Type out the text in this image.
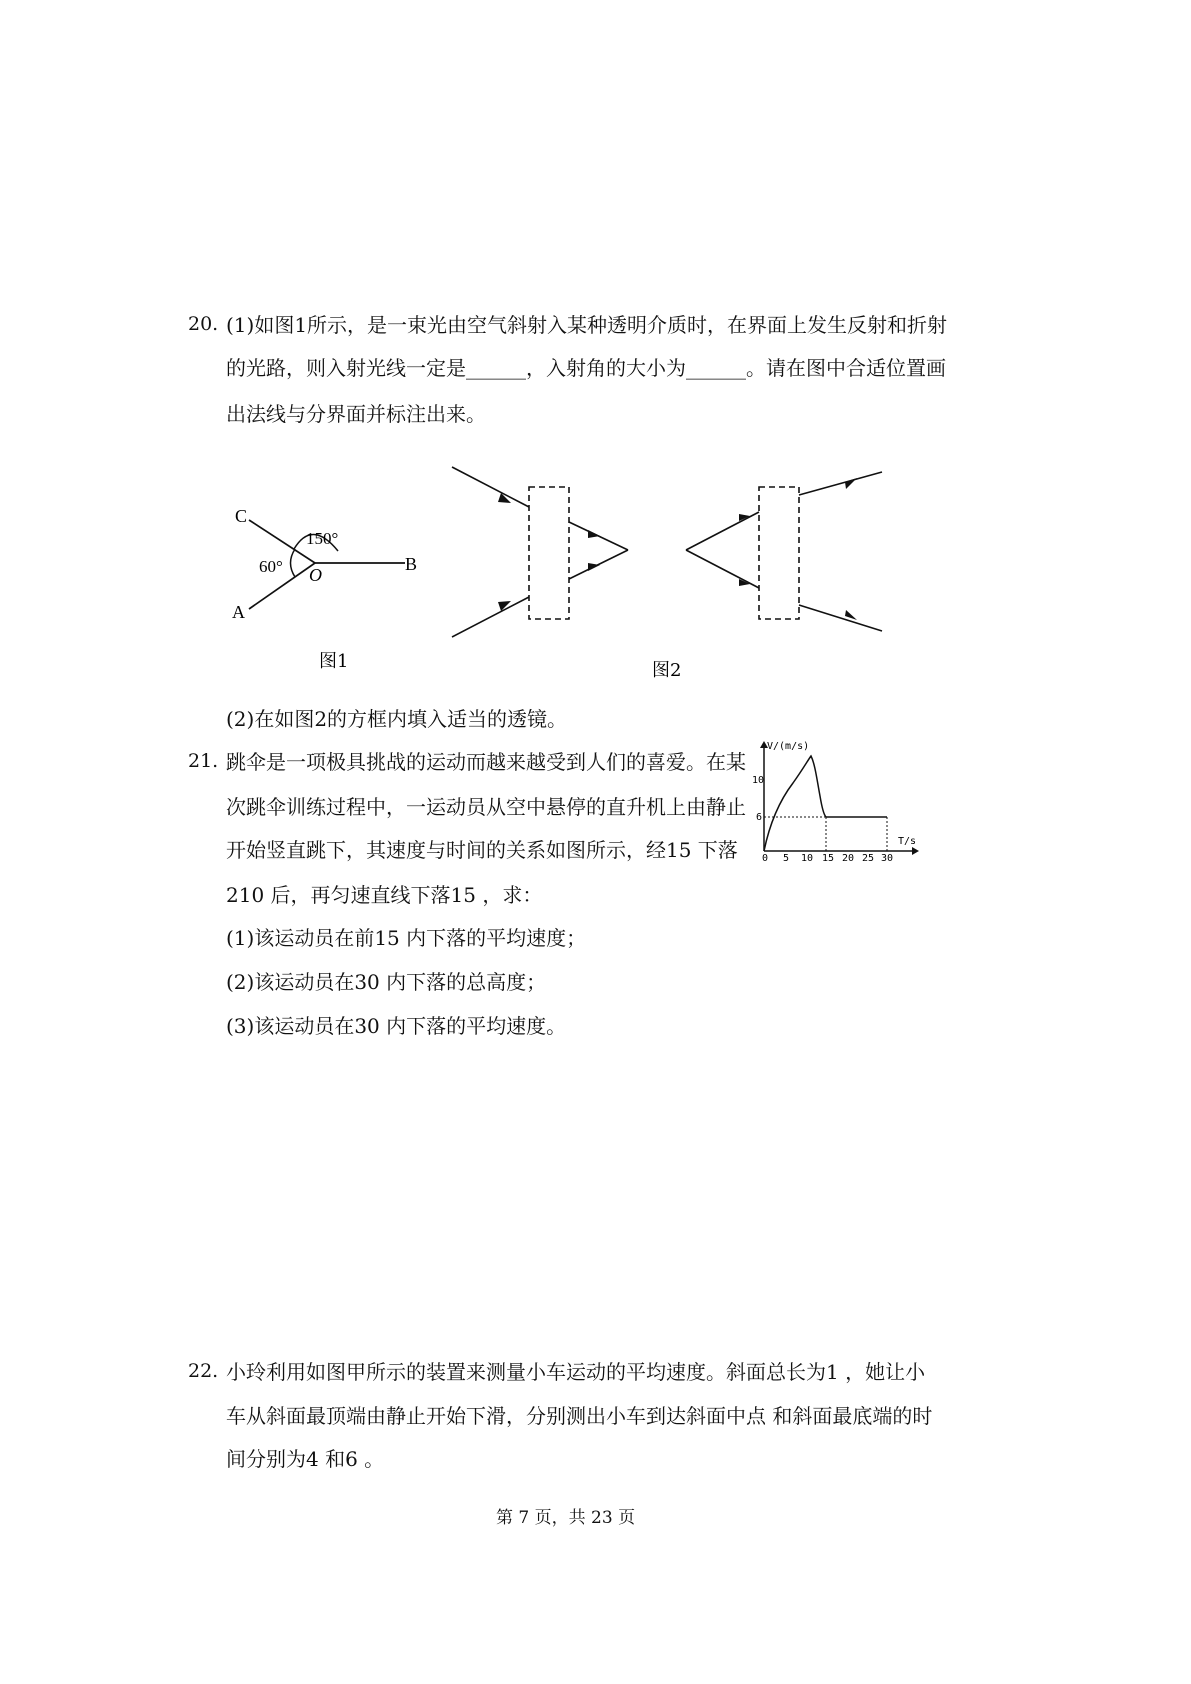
20. (1)如图1所示，是一束光由空气斜射入某种透明介质时，在界面上发生反射和折射
的光路，则入射光线一定是______，入射角的大小为______。请在图中合适位置画
出法线与分界面并标注出来。
C
A
B
O
150°
60°
图1	图2
(2)在如图2的方框内填入适当的透镜。
21. 跳伞是一项极具挑战的运动而越来越受到人们的喜爱。在某
次跳伞训练过程中，一运动员从空中悬停的直升机上由静止
开始竖直跳下，其速度与时间的关系如图所示，经15 下落
210 后，再匀速直线下落15 ，求：
(1)该运动员在前15 内下落的平均速度；
(2)该运动员在30 内下落的总高度；
(3)该运动员在30 内下落的平均速度。
V/(m/s)
T/s
10
6
0 5 10 15 20 25 30
22. 小玲利用如图甲所示的装置来测量小车运动的平均速度。斜面总长为1 ，她让小
车从斜面最顶端由静止开始下滑，分别测出小车到达斜面中点 和斜面最底端的时
间分别为4 和6 。
第 7 页，共 23 页
